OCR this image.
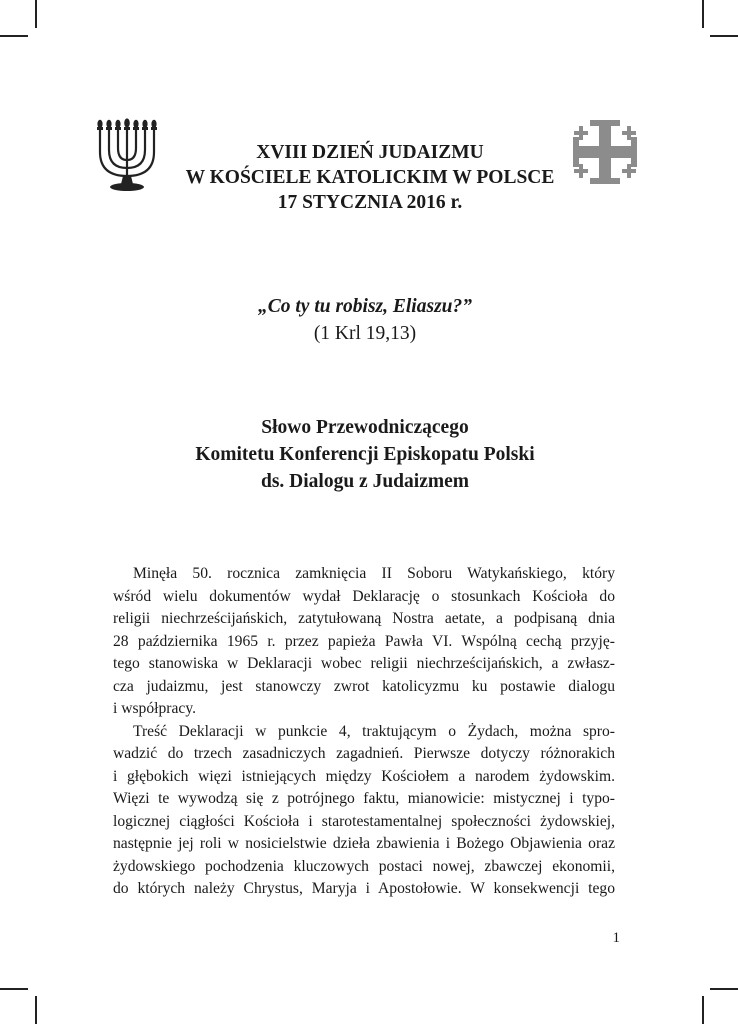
XVIII DZIEŃ JUDAIZMU
W KOŚCIELE KATOLICKIM W POLSCE
17 STYCZNIA 2016 r.
„Co ty tu robisz, Eliaszu?”
(1 Krl 19,13)
Słowo Przewodniczącego
Komitetu Konferencji Episkopatu Polski
ds. Dialogu z Judaizmem
Minęła 50. rocznica zamknięcia II Soboru Watykańskiego, który
wśród wielu dokumentów wydał Deklarację o stosunkach Kościoła do
religii niechrześcijańskich, zatytułowaną Nostra aetate, a podpisaną dnia
28 października 1965 r. przez papieża Pawła VI. Wspólną cechą przyję-
tego stanowiska w Deklaracji wobec religii niechrześcijańskich, a zwłasz-
cza judaizmu, jest stanowczy zwrot katolicyzmu ku postawie dialogu
i współpracy.
Treść Deklaracji w punkcie 4, traktującym o Żydach, można spro-
wadzić do trzech zasadniczych zagadnień. Pierwsze dotyczy różnorakich
i głębokich więzi istniejących między Kościołem a narodem żydowskim.
Więzi te wywodzą się z potrójnego faktu, mianowicie: mistycznej i typo-
logicznej ciągłości Kościoła i starotestamentalnej społeczności żydowskiej,
następnie jej roli w nosicielstwie dzieła zbawienia i Bożego Objawienia oraz
żydowskiego pochodzenia kluczowych postaci nowej, zbawczej ekonomii,
do których należy Chrystus, Maryja i Apostołowie. W konsekwencji tego
1
